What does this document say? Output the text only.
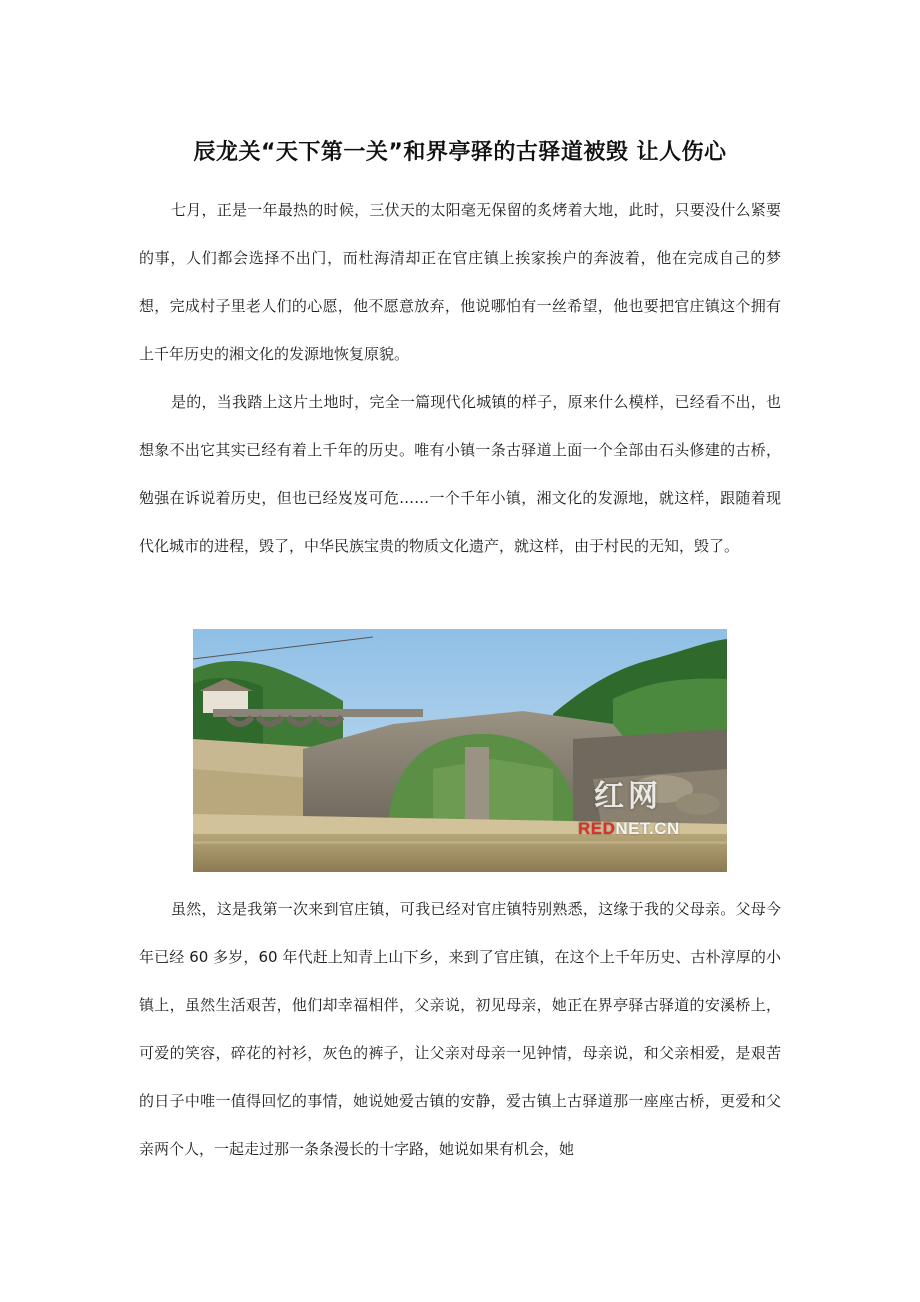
辰龙关“天下第一关”和界亭驿的古驿道被毁 让人伤心

七月，正是一年最热的时候，三伏天的太阳毫无保留的炙烤着大地，此时，只要没什么紧要的事，人们都会选择不出门，而杜海清却正在官庄镇上挨家挨户的奔波着，他在完成自己的梦想，完成村子里老人们的心愿，他不愿意放弃，他说哪怕有一丝希望，他也要把官庄镇这个拥有上千年历史的湘文化的发源地恢复原貌。

是的，当我踏上这片土地时，完全一篇现代化城镇的样子，原来什么模样，已经看不出，也想象不出它其实已经有着上千年的历史。唯有小镇一条古驿道上面一个全部由石头修建的古桥，勉强在诉说着历史，但也已经岌岌可危……一个千年小镇，湘文化的发源地，就这样，跟随着现代化城市的进程，毁了，中华民族宝贵的物质文化遗产，就这样，由于村民的无知，毁了。

红网
REDNET.CN

虽然，这是我第一次来到官庄镇，可我已经对官庄镇特别熟悉，这缘于我的父母亲。父母今年已经 60 多岁，60 年代赶上知青上山下乡，来到了官庄镇，在这个上千年历史、古朴淳厚的小镇上，虽然生活艰苦，他们却幸福相伴，父亲说，初见母亲，她正在界亭驿古驿道的安溪桥上，可爱的笑容，碎花的衬衫，灰色的裤子，让父亲对母亲一见钟情，母亲说，和父亲相爱，是艰苦的日子中唯一值得回忆的事情，她说她爱古镇的安静，爱古镇上古驿道那一座座古桥，更爱和父亲两个人，一起走过那一条条漫长的十字路，她说如果有机会，她
